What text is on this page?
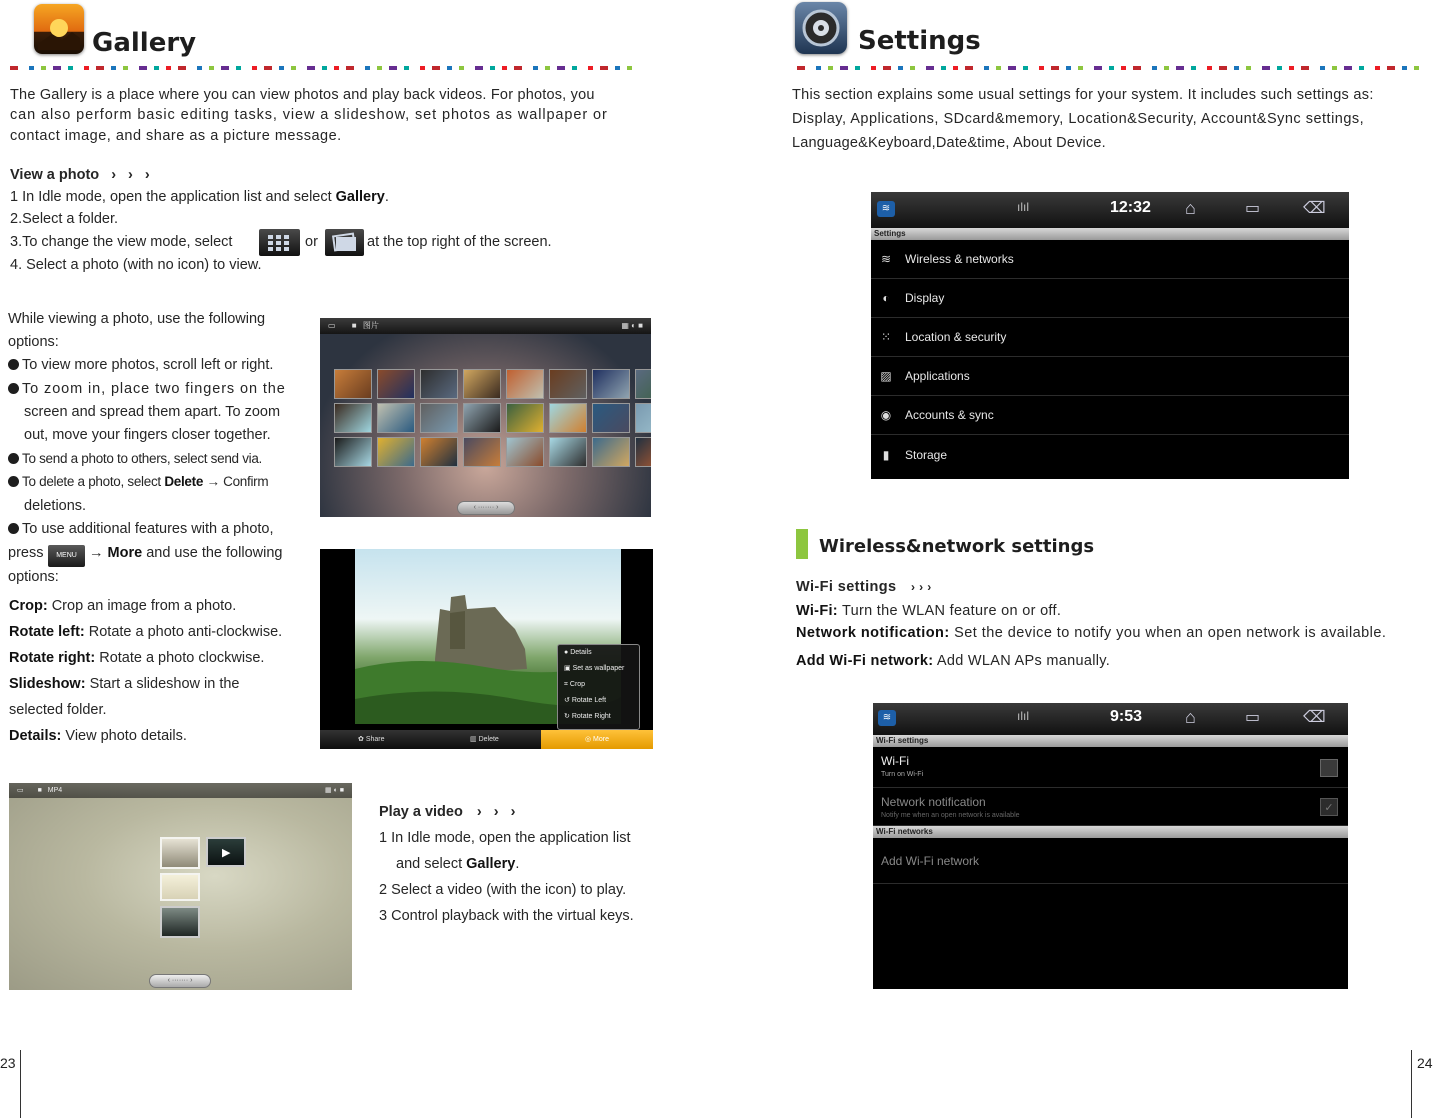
Gallery
The Gallery is a place where you can view photos and play back videos. For photos, you
can also perform basic editing tasks, view a slideshow, set photos as wallpaper or
contact image, and share as a picture message.
View a photo › › ›
1 In Idle mode, open the application list and select Gallery.
2.Select a folder.
3.To change the view mode, select	or	at the top right of the screen.
4. Select a photo (with no icon) to view.
While viewing a photo, use the following
options:
To view more photos, scroll left or right.
To zoom in, place two fingers on the
screen and spread them apart. To zoom
out, move your fingers closer together.
To send a photo to others, select send via.
To delete a photo, select Delete → Confirm
deletions.
To use additional features with a photo,
press	MENU → More and use the following
options:
Crop: Crop an image from a photo.
Rotate left: Rotate a photo anti-clockwise.
Rotate right: Rotate a photo clockwise.
Slideshow: Start a slideshow in the
selected folder.
Details: View photo details.
▭ ■ 图片	▦ ◐ ■
‹ ······· ›
● Details
▣ Set as wallpaper
⌗ Crop
↺ Rotate Left
↻ Rotate Right
✿ Share	▥ Delete	◎ More
▭ ■ MP4	▦ ◐ ■
▶
‹ ······· ›
Play a video › › ›
1 In Idle mode, open the application list
and select Gallery.
2 Select a video (with the icon) to play.
3 Control playback with the virtual keys.
23
Settings
This section explains some usual settings for your system. It includes such settings as:
Display, Applications, SDcard&memory, Location&Security, Account&Sync settings,
Language&Keyboard,Date&time, About Device.
≋	ılıl	12:32 ⌂	▭	⌫
Settings
≋ Wireless & networks
◐ Display
⁙ Location & security
▨ Applications
◉ Accounts & sync
▮	Storage
Wireless&network settings
Wi-Fi settings › › ›
Wi-Fi: Turn the WLAN feature on or off.
Network notification: Set the device to notify you when an open network is available.
Add Wi-Fi network: Add WLAN APs manually.
≋	ılıl	9:53 ⌂	▭	⌫
Wi-Fi settings
Wi-Fi
Turn on Wi-Fi
Network notification
Notify me when an open network is available
✓
Wi-Fi networks
Add Wi-Fi network
24
